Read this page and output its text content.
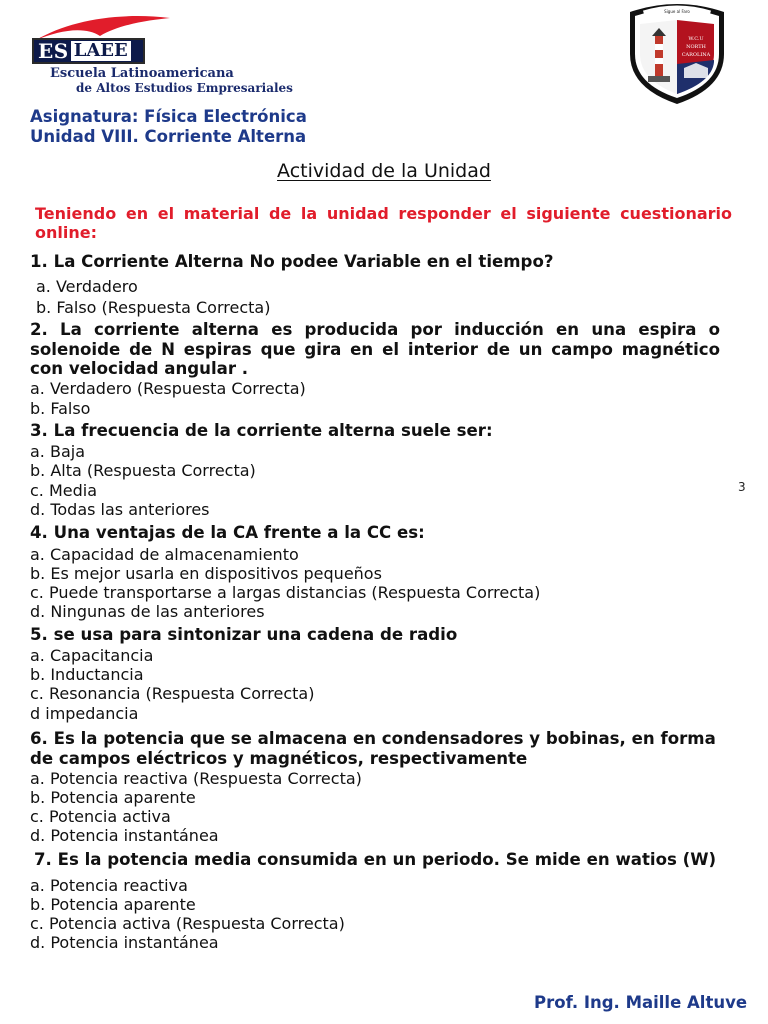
ES LAEE
Escuela Latinoamericana
de Altos Estudios Empresariales
Sigue al Faro
W.C.U
NORTH
CAROLINA
Asignatura: Física Electrónica
Unidad VIII. Corriente Alterna
Actividad de la Unidad
Teniendo en el material de la unidad responder el siguiente cuestionario online:
1. La Corriente Alterna No podee Variable en el tiempo?
a. Verdadero
b. Falso (Respuesta Correcta)
2. La corriente alterna es producida por inducción en una espira o solenoide de N espiras que gira en el interior de un campo magnético con velocidad angular .
a. Verdadero (Respuesta Correcta)
b. Falso
3. La frecuencia de la corriente alterna suele ser:
a. Baja
b. Alta (Respuesta Correcta)
c. Media
d. Todas las anteriores
3
4. Una ventajas de la CA frente a la CC es:
a. Capacidad de almacenamiento
b. Es mejor usarla en dispositivos pequeños
c. Puede transportarse a largas distancias (Respuesta Correcta)
d. Ningunas de las anteriores
5. se usa para sintonizar una cadena de radio
a. Capacitancia
b. Inductancia
c. Resonancia (Respuesta Correcta)
d impedancia
6. Es la potencia que se almacena en condensadores y bobinas, en forma de campos eléctricos y magnéticos, respectivamente
a. Potencia reactiva (Respuesta Correcta)
b. Potencia aparente
c. Potencia activa
d. Potencia instantánea
7. Es la potencia media consumida en un periodo. Se mide en watios (W)
a. Potencia reactiva
b. Potencia aparente
c. Potencia activa (Respuesta Correcta)
d. Potencia instantánea
Prof. Ing. Maille Altuve
